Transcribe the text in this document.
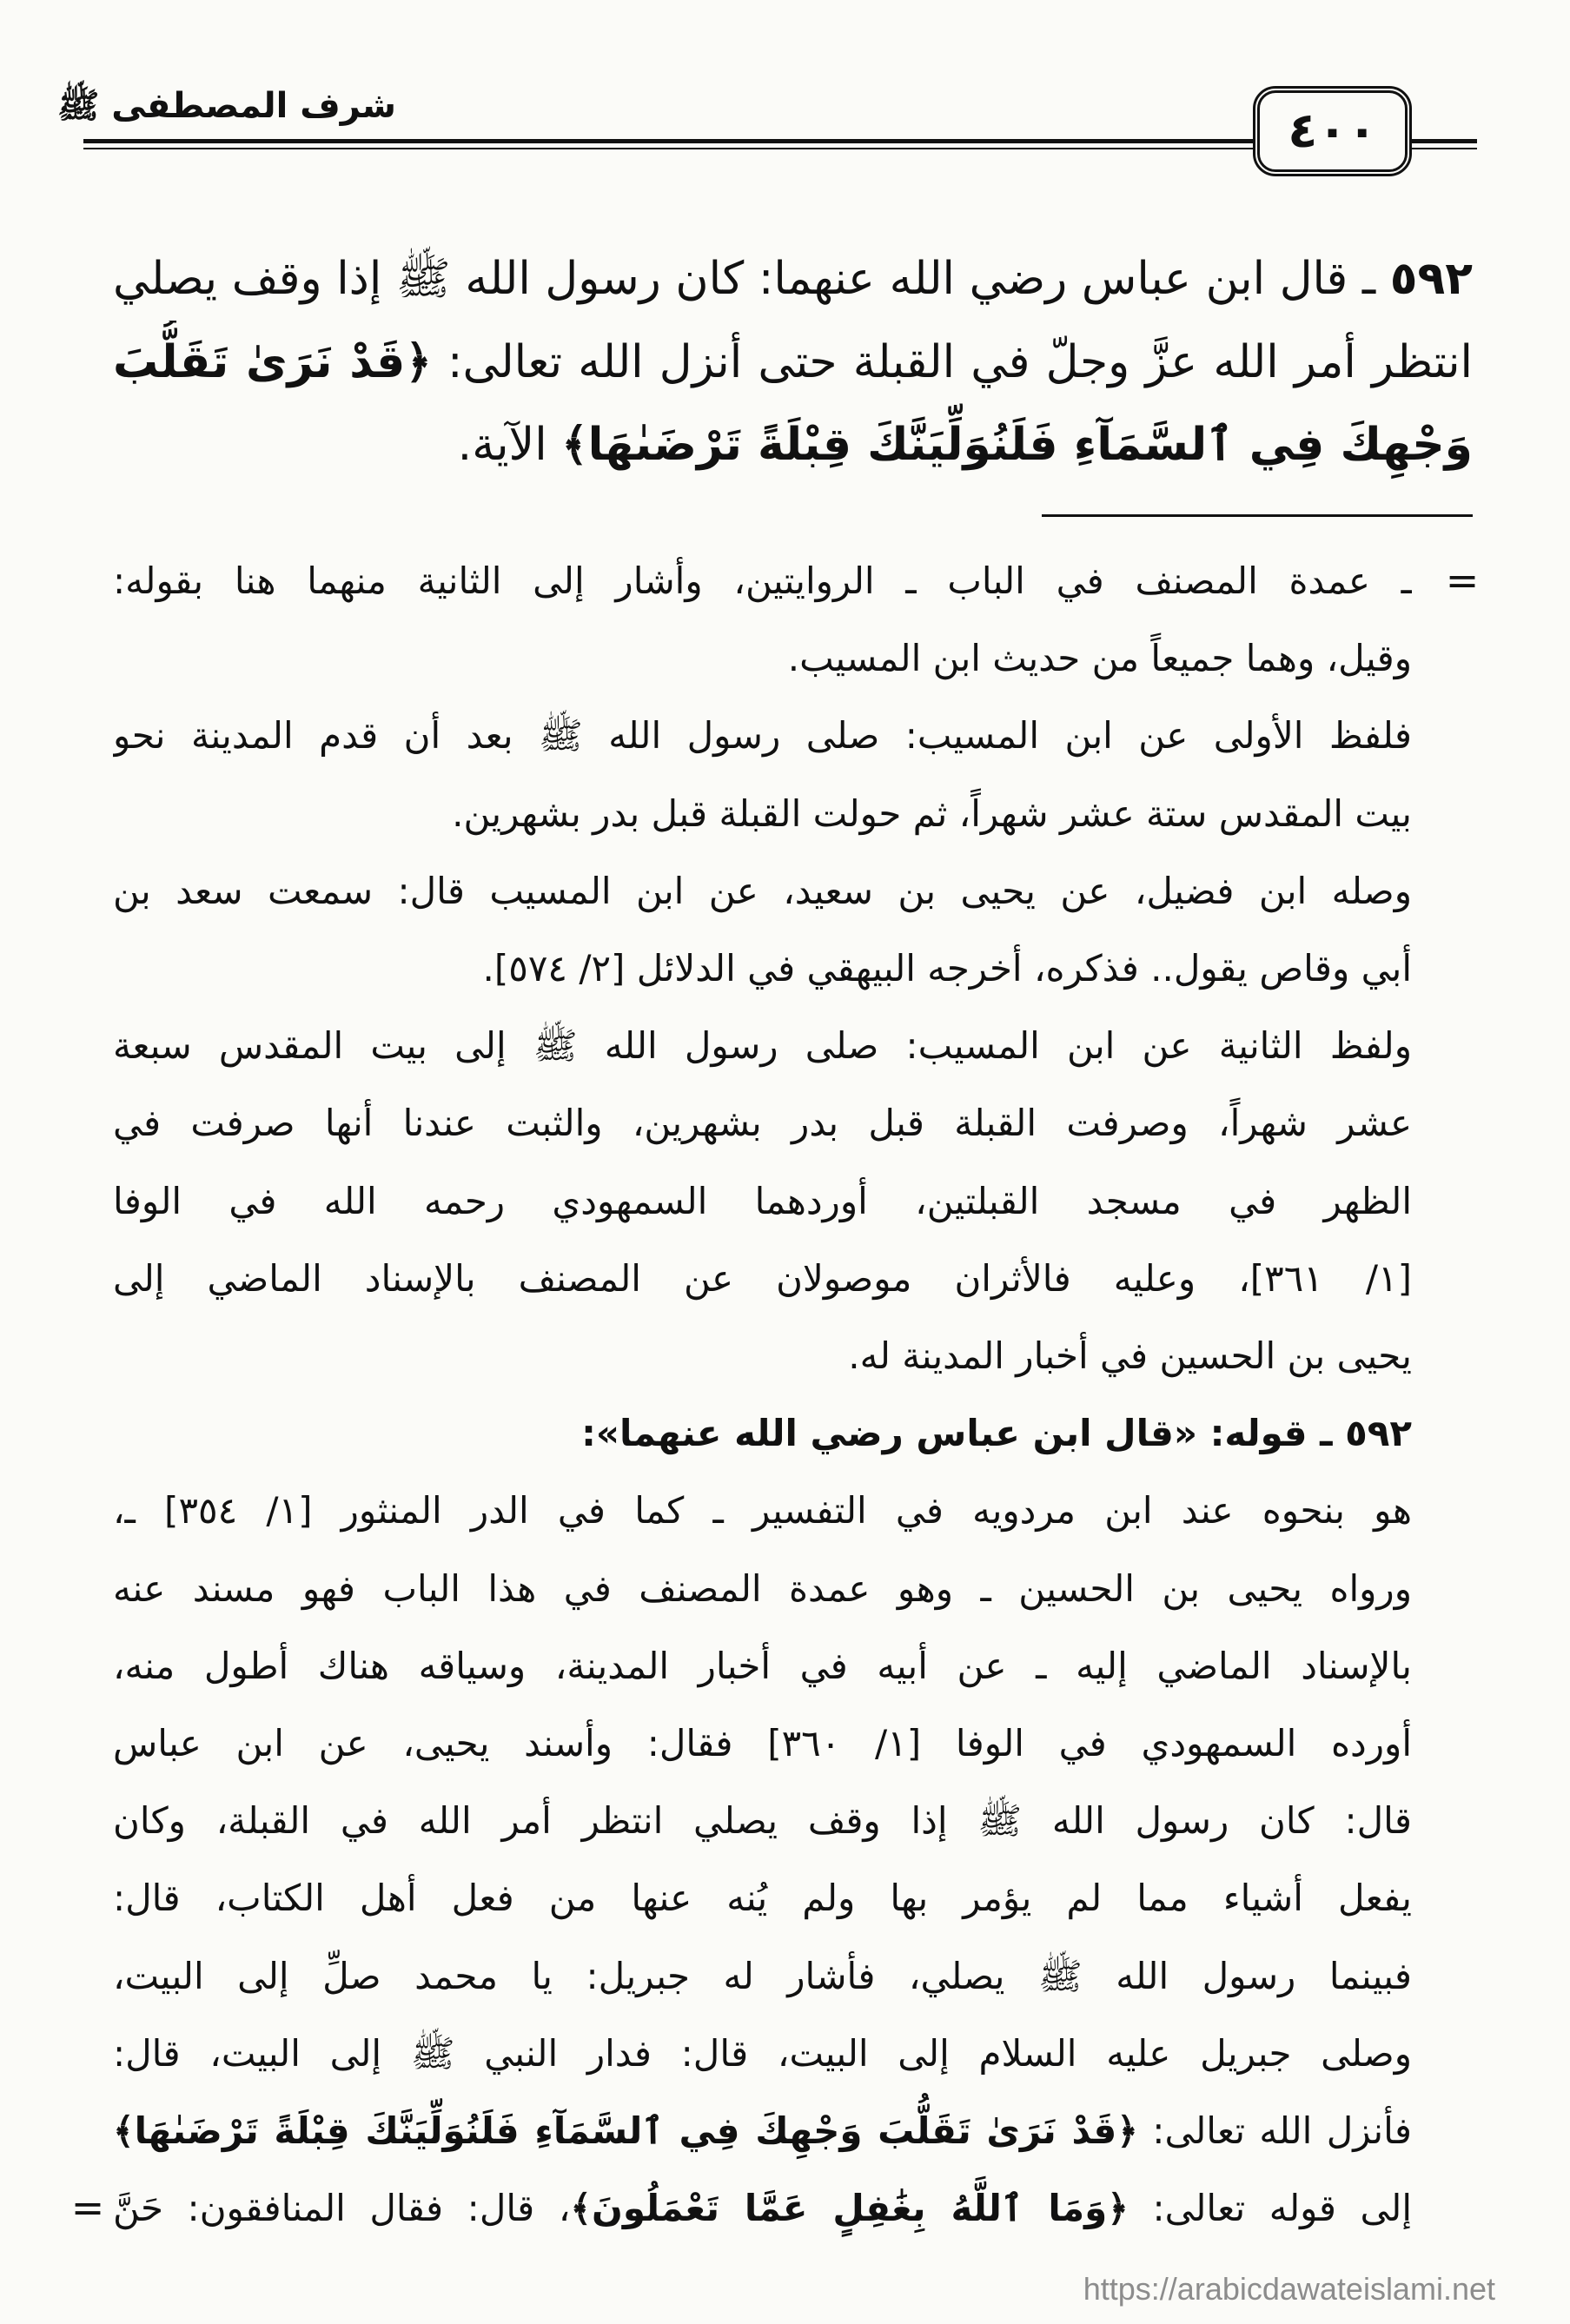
شرف المصطفى ﷺ	٤٠٠
٥٩٢ ـ قال ابن عباس رضي الله عنهما: كان رسول الله ﷺ إذا وقف يصلي
انتظر أمر الله عزَّ وجلّ في القبلة حتى أنزل الله تعالى: ﴿قَدْ نَرَىٰ تَقَلُّبَ
وَجْهِكَ فِي ٱلسَّمَآءِ فَلَنُوَلِّيَنَّكَ قِبْلَةً تَرْضَىٰهَا﴾ الآية.
=
ـ عمدة المصنف في الباب ـ الروايتين، وأشار إلى الثانية منهما هنا بقوله:
وقيل، وهما جميعاً من حديث ابن المسيب.
فلفظ الأولى عن ابن المسيب: صلى رسول الله ﷺ بعد أن قدم المدينة نحو
بيت المقدس ستة عشر شهراً، ثم حولت القبلة قبل بدر بشهرين.
وصله ابن فضيل، عن يحيى بن سعيد، عن ابن المسيب قال: سمعت سعد بن
أبي وقاص يقول.. فذكره، أخرجه البيهقي في الدلائل [٢/ ٥٧٤].
ولفظ الثانية عن ابن المسيب: صلى رسول الله ﷺ إلى بيت المقدس سبعة
عشر شهراً، وصرفت القبلة قبل بدر بشهرين، والثبت عندنا أنها صرفت في
الظهر في مسجد القبلتين، أوردهما السمهودي رحمه الله في الوفا
[١/ ٣٦١]، وعليه فالأثران موصولان عن المصنف بالإسناد الماضي إلى
يحيى بن الحسين في أخبار المدينة له.
٥٩٢ ـ قوله: «قال ابن عباس رضي الله عنهما»:
هو بنحوه عند ابن مردويه في التفسير ـ كما في الدر المنثور [١/ ٣٥٤] ـ،
ورواه يحيى بن الحسين ـ وهو عمدة المصنف في هذا الباب فهو مسند عنه
بالإسناد الماضي إليه ـ عن أبيه في أخبار المدينة، وسياقه هناك أطول منه،
أورده السمهودي في الوفا [١/ ٣٦٠] فقال: وأسند يحيى، عن ابن عباس
قال: كان رسول الله ﷺ إذا وقف يصلي انتظر أمر الله في القبلة، وكان
يفعل أشياء مما لم يؤمر بها ولم يُنه عنها من فعل أهل الكتاب، قال:
فبينما رسول الله ﷺ يصلي، فأشار له جبريل: يا محمد صلِّ إلى البيت،
وصلى جبريل عليه السلام إلى البيت، قال: فدار النبي ﷺ إلى البيت، قال:
فأنزل الله تعالى: ﴿قَدْ نَرَىٰ تَقَلُّبَ وَجْهِكَ فِي ٱلسَّمَآءِ فَلَنُوَلِّيَنَّكَ قِبْلَةً تَرْضَىٰهَا﴾
إلى قوله تعالى: ﴿وَمَا ٱللَّهُ بِغَٰفِلٍ عَمَّا تَعْمَلُونَ﴾، قال: فقال المنافقون: حَنَّ
=
https://arabicdawateislami.net
